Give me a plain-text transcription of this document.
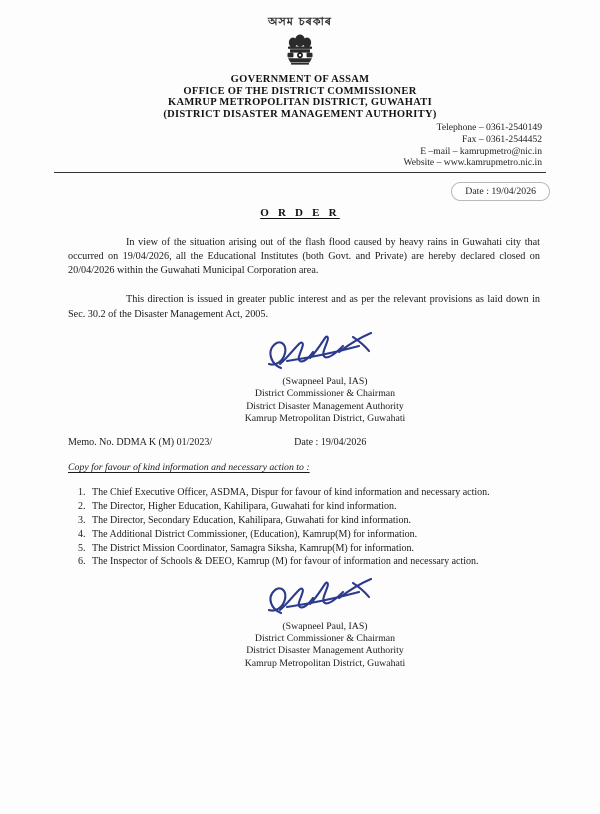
অসম চৰকাৰ
GOVERNMENT OF ASSAM
OFFICE OF THE DISTRICT COMMISSIONER
KAMRUP METROPOLITAN DISTRICT, GUWAHATI
(DISTRICT DISASTER MANAGEMENT AUTHORITY)
Telephone – 0361-2540149
Fax – 0361-2544452
E –mail – kamrupmetro@nic.in
Website – www.kamrupmetro.nic.in
Date : 19/04/2026
O R D E R

In view of the situation arising out of the flash flood caused by heavy rains in Guwahati city that occurred on 19/04/2026, all the Educational Institutes (both Govt. and Private) are hereby declared closed on 20/04/2026 within the Guwahati Municipal Corporation area.

This direction is issued in greater public interest and as per the relevant provisions as laid down in Sec. 30.2 of the Disaster Management Act, 2005.

(Swapneel Paul, IAS)
District Commissioner & Chairman
District Disaster Management Authority
Kamrup Metropolitan District, Guwahati
Memo. No. DDMA K (M) 01/2023/	Date : 19/04/2026
Copy for favour of kind information and necessary action to :
1. The Chief Executive Officer, ASDMA, Dispur for favour of kind information and necessary action.
2. The Director, Higher Education, Kahilipara, Guwahati for kind information.
3. The Director, Secondary Education, Kahilipara, Guwahati for kind information.
4. The Additional District Commissioner, (Education), Kamrup(M) for information.
5. The District Mission Coordinator, Samagra Siksha, Kamrup(M) for information.
6. The Inspector of Schools & DEEO, Kamrup (M) for favour of information and necessary action.
(Swapneel Paul, IAS)
District Commissioner & Chairman
District Disaster Management Authority
Kamrup Metropolitan District, Guwahati
